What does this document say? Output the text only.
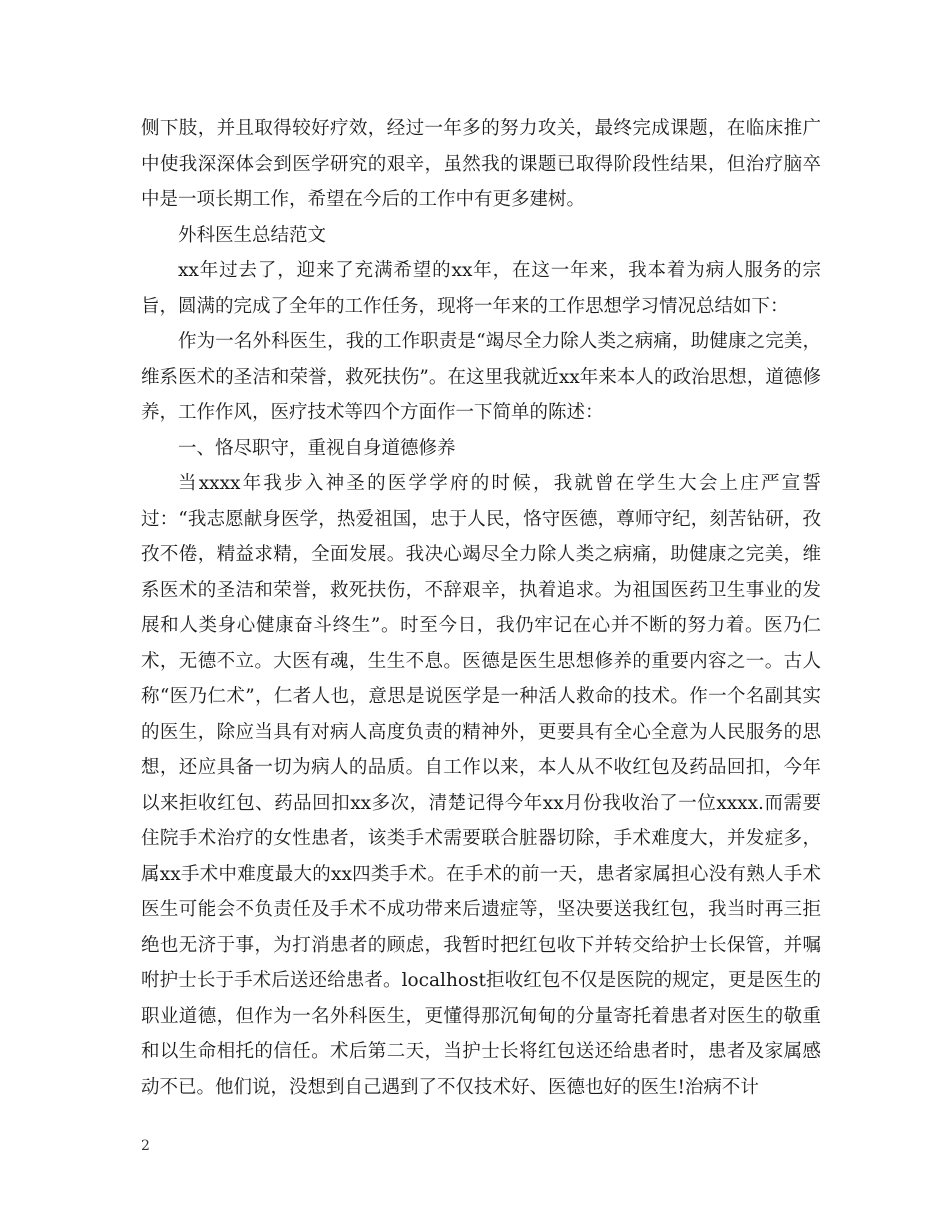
侧下肢，并且取得较好疗效，经过一年多的努力攻关，最终完成课题，在临床推广中使我深深体会到医学研究的艰辛，虽然我的课题已取得阶段性结果，但治疗脑卒中是一项长期工作，希望在今后的工作中有更多建树。

外科医生总结范文

xx年过去了，迎来了充满希望的xx年，在这一年来，我本着为病人服务的宗旨，圆满的完成了全年的工作任务，现将一年来的工作思想学习情况总结如下：

作为一名外科医生，我的工作职责是“竭尽全力除人类之病痛，助健康之完美，维系医术的圣洁和荣誉，救死扶伤”。在这里我就近xx年来本人的政治思想，道德修养，工作作风，医疗技术等四个方面作一下简单的陈述：

一、恪尽职守，重视自身道德修养

当xxxx年我步入神圣的医学学府的时候，我就曾在学生大会上庄严宣誓过：“我志愿献身医学，热爱祖国，忠于人民，恪守医德，尊师守纪，刻苦钻研，孜孜不倦，精益求精，全面发展。我决心竭尽全力除人类之病痛，助健康之完美，维系医术的圣洁和荣誉，救死扶伤，不辞艰辛，执着追求。为祖国医药卫生事业的发展和人类身心健康奋斗终生”。时至今日，我仍牢记在心并不断的努力着。医乃仁术，无德不立。大医有魂，生生不息。医德是医生思想修养的重要内容之一。古人称“医乃仁术”，仁者人也，意思是说医学是一种活人救命的技术。作一个名副其实的医生，除应当具有对病人高度负责的精神外，更要具有全心全意为人民服务的思想，还应具备一切为病人的品质。自工作以来，本人从不收红包及药品回扣，今年以来拒收红包、药品回扣xx多次，清楚记得今年xx月份我收治了一位xxxx.而需要住院手术治疗的女性患者，该类手术需要联合脏器切除，手术难度大，并发症多，属xx手术中难度最大的xx四类手术。在手术的前一天，患者家属担心没有熟人手术医生可能会不负责任及手术不成功带来后遗症等，坚决要送我红包，我当时再三拒绝也无济于事，为打消患者的顾虑，我暂时把红包收下并转交给护士长保管，并嘱咐护士长于手术后送还给患者。localhost拒收红包不仅是医院的规定，更是医生的职业道德，但作为一名外科医生，更懂得那沉甸甸的分量寄托着患者对医生的敬重和以生命相托的信任。术后第二天，当护士长将红包送还给患者时，患者及家属感动不已。他们说，没想到自己遇到了不仅技术好、医德也好的医生!治病不计

2
